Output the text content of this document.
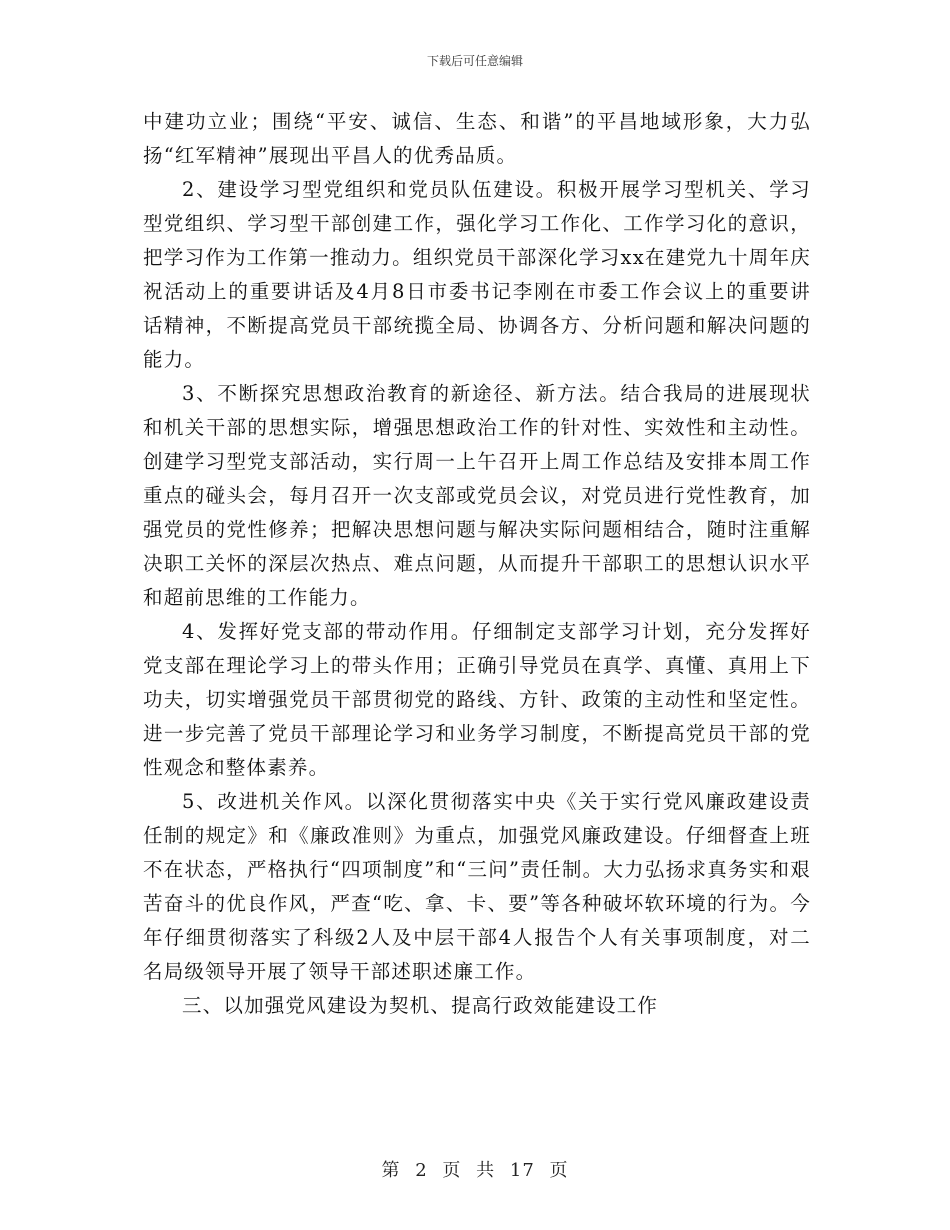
下载后可任意编辑

中建功立业；围绕“平安、诚信、生态、和谐”的平昌地域形象，大力弘扬“红军精神”展现出平昌人的优秀品质。

2、建设学习型党组织和党员队伍建设。积极开展学习型机关、学习型党组织、学习型干部创建工作，强化学习工作化、工作学习化的意识，把学习作为工作第一推动力。组织党员干部深化学习xx在建党九十周年庆祝活动上的重要讲话及4月8日市委书记李刚在市委工作会议上的重要讲话精神，不断提高党员干部统揽全局、协调各方、分析问题和解决问题的能力。

3、不断探究思想政治教育的新途径、新方法。结合我局的进展现状和机关干部的思想实际，增强思想政治工作的针对性、实效性和主动性。创建学习型党支部活动，实行周一上午召开上周工作总结及安排本周工作重点的碰头会，每月召开一次支部或党员会议，对党员进行党性教育，加强党员的党性修养；把解决思想问题与解决实际问题相结合，随时注重解决职工关怀的深层次热点、难点问题，从而提升干部职工的思想认识水平和超前思维的工作能力。

4、发挥好党支部的带动作用。仔细制定支部学习计划，充分发挥好党支部在理论学习上的带头作用；正确引导党员在真学、真懂、真用上下功夫，切实增强党员干部贯彻党的路线、方针、政策的主动性和坚定性。进一步完善了党员干部理论学习和业务学习制度，不断提高党员干部的党性观念和整体素养。

5、改进机关作风。以深化贯彻落实中央《关于实行党风廉政建设责任制的规定》和《廉政准则》为重点，加强党风廉政建设。仔细督查上班不在状态，严格执行“四项制度”和“三问”责任制。大力弘扬求真务实和艰苦奋斗的优良作风，严查“吃、拿、卡、要”等各种破坏软环境的行为。今年仔细贯彻落实了科级2人及中层干部4人报告个人有关事项制度，对二名局级领导开展了领导干部述职述廉工作。

三、以加强党风建设为契机、提高行政效能建设工作

第 2 页 共 17 页
